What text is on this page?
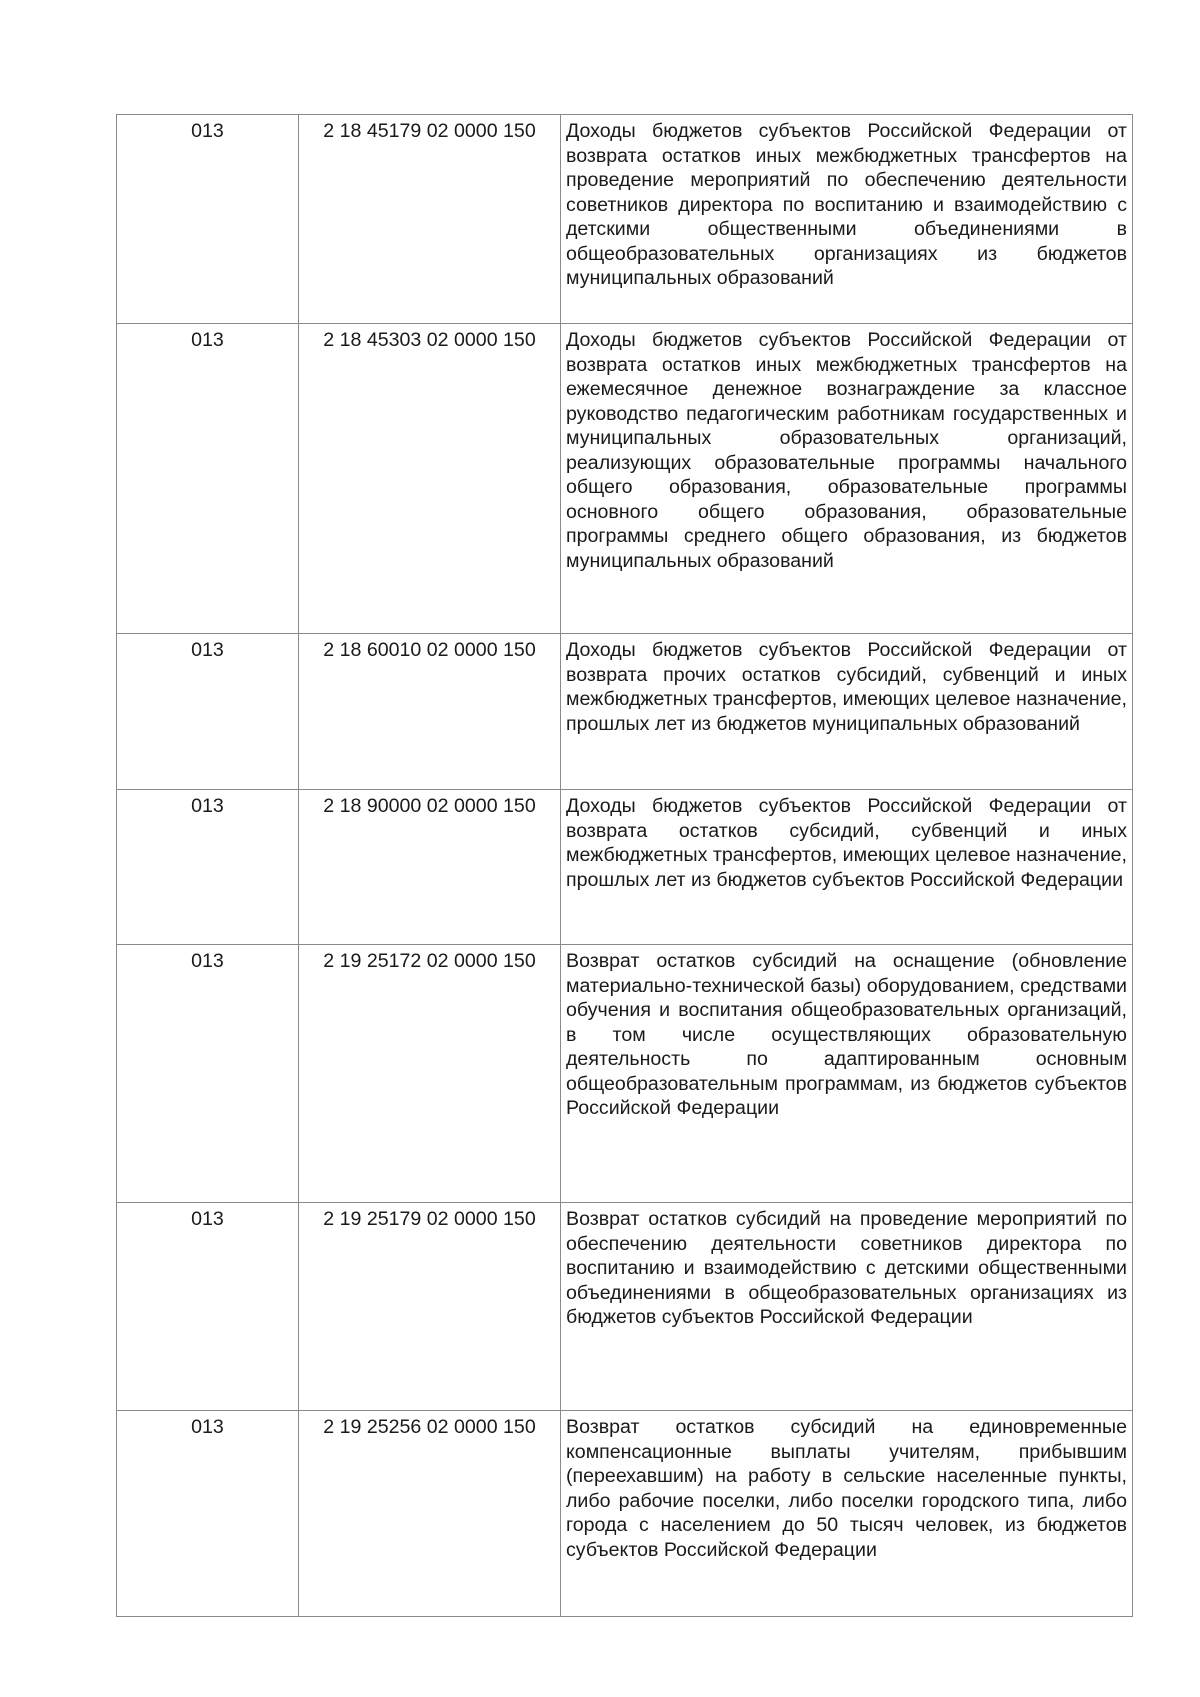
013	2 18 45179 02 0000 150	Доходы бюджетов субъектов Российской Федерации от возврата остатков иных межбюджетных трансфертов на проведение мероприятий по обеспечению деятельности советников директора по воспитанию и взаимодействию с детскими общественными объединениями в общеобразовательных организациях из бюджетов муниципальных образований
013	2 18 45303 02 0000 150	Доходы бюджетов субъектов Российской Федерации от возврата остатков иных межбюджетных трансфертов на ежемесячное денежное вознаграждение за классное руководство педагогическим работникам государственных и муниципальных образовательных организаций, реализующих образовательные программы начального общего образования, образовательные программы основного общего образования, образовательные программы среднего общего образования, из бюджетов муниципальных образований
013	2 18 60010 02 0000 150	Доходы бюджетов субъектов Российской Федерации от возврата прочих остатков субсидий, субвенций и иных межбюджетных трансфертов, имеющих целевое назначение, прошлых лет из бюджетов муниципальных образований
013	2 18 90000 02 0000 150	Доходы бюджетов субъектов Российской Федерации от возврата остатков субсидий, субвенций и иных межбюджетных трансфертов, имеющих целевое назначение, прошлых лет из бюджетов субъектов Российской Федерации
013	2 19 25172 02 0000 150	Возврат остатков субсидий на оснащение (обновление материально-технической базы) оборудованием, средствами обучения и воспитания общеобразовательных организаций, в том числе осуществляющих образовательную деятельность по адаптированным основным общеобразовательным программам, из бюджетов субъектов Российской Федерации
013	2 19 25179 02 0000 150	Возврат остатков субсидий на проведение мероприятий по обеспечению деятельности советников директора по воспитанию и взаимодействию с детскими общественными объединениями в общеобразовательных организациях из бюджетов субъектов Российской Федерации
013	2 19 25256 02 0000 150	Возврат остатков субсидий на единовременные компенсационные выплаты учителям, прибывшим (переехавшим) на работу в сельские населенные пункты, либо рабочие поселки, либо поселки городского типа, либо города с населением до 50 тысяч человек, из бюджетов субъектов Российской Федерации
